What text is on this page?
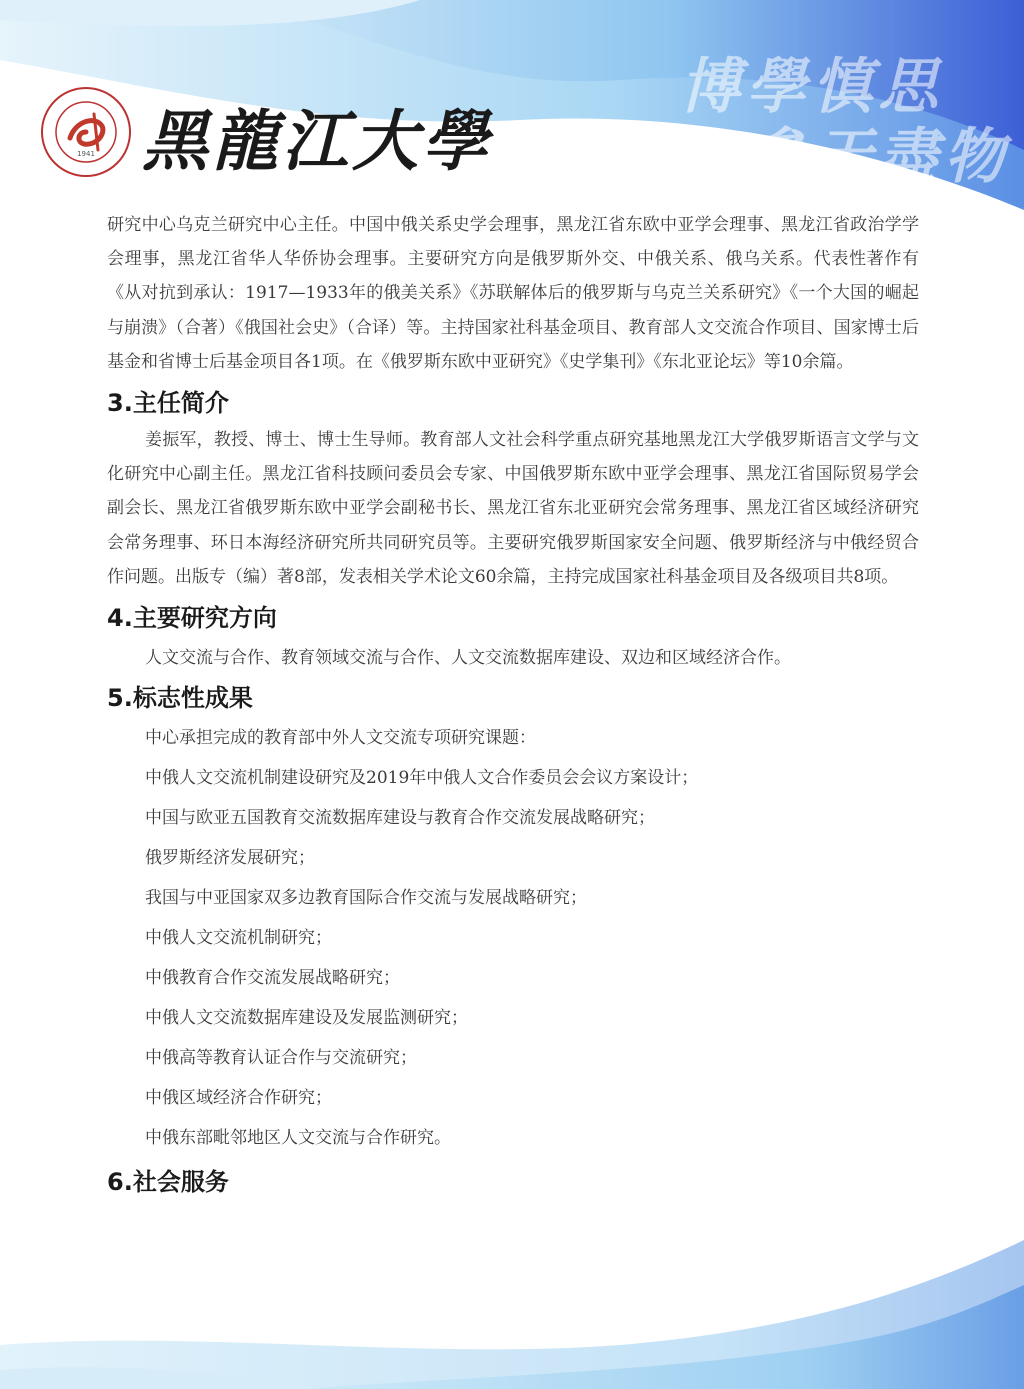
1941 黑龍江大學
博學慎思
參天盡物

研究中心乌克兰研究中心主任。中国中俄关系史学会理事，黑龙江省东欧中亚学会理事、黑龙江省政治学学会理事，黑龙江省华人华侨协会理事。主要研究方向是俄罗斯外交、中俄关系、俄乌关系。代表性著作有《从对抗到承认：1917—1933年的俄美关系》《苏联解体后的俄罗斯与乌克兰关系研究》《一个大国的崛起与崩溃》（合著）《俄国社会史》（合译）等。主持国家社科基金项目、教育部人文交流合作项目、国家博士后基金和省博士后基金项目各1项。在《俄罗斯东欧中亚研究》《史学集刊》《东北亚论坛》等10余篇。

3.主任简介

姜振军，教授、博士、博士生导师。教育部人文社会科学重点研究基地黑龙江大学俄罗斯语言文学与文化研究中心副主任。黑龙江省科技顾问委员会专家、中国俄罗斯东欧中亚学会理事、黑龙江省国际贸易学会副会长、黑龙江省俄罗斯东欧中亚学会副秘书长、黑龙江省东北亚研究会常务理事、黑龙江省区域经济研究会常务理事、环日本海经济研究所共同研究员等。主要研究俄罗斯国家安全问题、俄罗斯经济与中俄经贸合作问题。出版专（编）著8部，发表相关学术论文60余篇，主持完成国家社科基金项目及各级项目共8项。

4.主要研究方向

人文交流与合作、教育领域交流与合作、人文交流数据库建设、双边和区域经济合作。

5.标志性成果

中心承担完成的教育部中外人文交流专项研究课题：

中俄人文交流机制建设研究及2019年中俄人文合作委员会会议方案设计；

中国与欧亚五国教育交流数据库建设与教育合作交流发展战略研究；

俄罗斯经济发展研究；

我国与中亚国家双多边教育国际合作交流与发展战略研究；

中俄人文交流机制研究；

中俄教育合作交流发展战略研究；

中俄人文交流数据库建设及发展监测研究；

中俄高等教育认证合作与交流研究；

中俄区域经济合作研究；

中俄东部毗邻地区人文交流与合作研究。

6.社会服务
